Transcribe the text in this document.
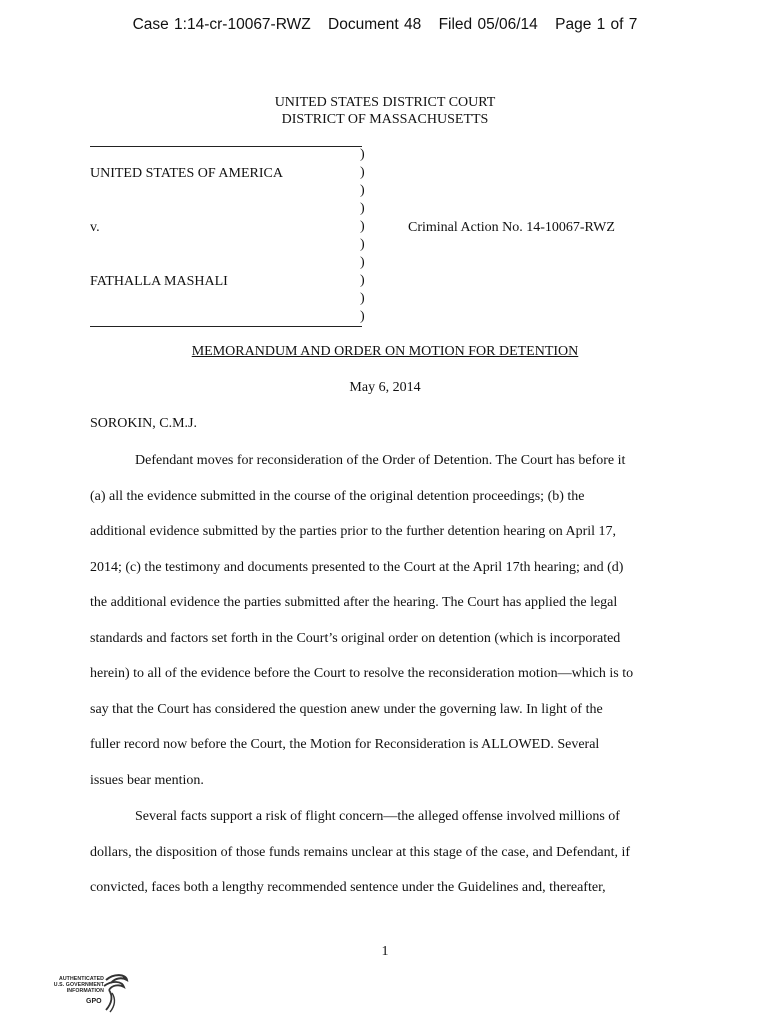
Case 1:14-cr-10067-RWZ Document 48 Filed 05/06/14 Page 1 of 7
UNITED STATES DISTRICT COURT
DISTRICT OF MASSACHUSETTS
)
)
)
)
)
)
)
)
)
)
UNITED STATES OF AMERICA
v.
FATHALLA MASHALI
Criminal Action No. 14-10067-RWZ
MEMORANDUM AND ORDER ON MOTION FOR DETENTION
May 6, 2014
SOROKIN, C.M.J.
Defendant moves for reconsideration of the Order of Detention. The Court has before it
(a) all the evidence submitted in the course of the original detention proceedings; (b) the
additional evidence submitted by the parties prior to the further detention hearing on April 17,
2014; (c) the testimony and documents presented to the Court at the April 17th hearing; and (d)
the additional evidence the parties submitted after the hearing. The Court has applied the legal
standards and factors set forth in the Court’s original order on detention (which is incorporated
herein) to all of the evidence before the Court to resolve the reconsideration motion—which is to
say that the Court has considered the question anew under the governing law. In light of the
fuller record now before the Court, the Motion for Reconsideration is ALLOWED. Several
issues bear mention.
Several facts support a risk of flight concern—the alleged offense involved millions of
dollars, the disposition of those funds remains unclear at this stage of the case, and Defendant, if
convicted, faces both a lengthy recommended sentence under the Guidelines and, thereafter,
1
AUTHENTICATED
U.S. GOVERNMENT
INFORMATION
GPO
